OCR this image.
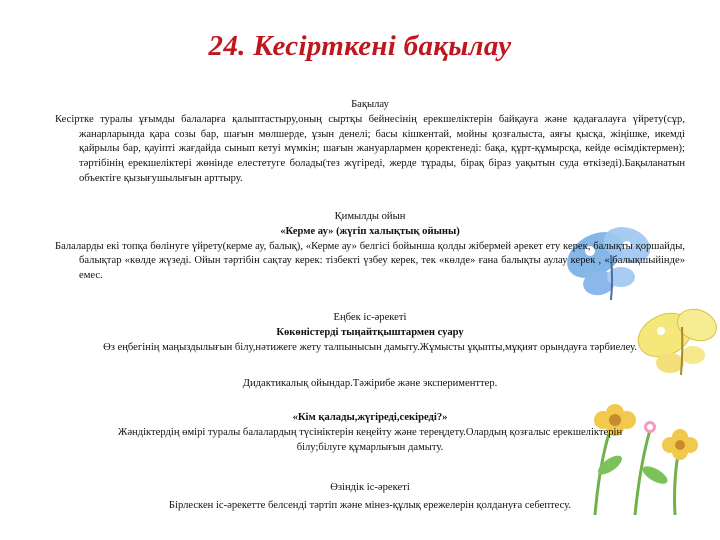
24. Кесірткені бақылау

Бақылау

Кесіртке туралы ұғымды балаларға қалыптастыру,оның сыртқы бейнесінің ерекшеліктерін байқауға және қадағалауға үйрету(сұр, жанарларында қара созы бар, шағын мөлшерде, ұзын денелі; басы кішкентай, мойны қозғалыста, аяғы қысқа, жіңішке, икемді қайрылы бар, қауіпті жағдайда сынып кетуі мүмкін; шағын жануарлармен қоректенеді: бақа, құрт-құмырсқа, кейде өсімдіктермен); тәртібінің ерекшеліктері жөнінде елестетуге болады(тез жүгіреді, жерде тұрады, бірақ біраз уақытын суда өткізеді).Бақыланатын объектіге қызығушылығын арттыру.

Қимылды ойын

«Керме ау» (жүгіп халықтық ойыны)

Балаларды екі топқа бөлінуге үйрету(керме ау, балық), «Керме ау» белгісі бойынша қолды жібермей әрекет ету керек, балықты қоршайды, балықтар «көлде жүзеді. Ойын тәртібін сақтау керек: тізбекті үзбеу керек, тек «көлде» ғана балықты аулау керек , «.балықшыйінде» емес.

Еңбек іс-әрекеті

Көкөністерді тыңайтқыштармен суару

Өз еңбегінің маңыздылығын білу,нәтижеге жету талпынысын дамыту.Жұмысты ұқыпты,мұқият орындауға тәрбиелеу.

Дидактикалық ойындар.Тәжірибе және эксперименттер.

«Кім қалады,жүгіреді,секіреді?»

Жәндіктердің өмірі туралы балалардың түсініктерін кеңейту және тереңдету.Олардың қозғалыс ерекшеліктерін

білу;білуге құмарлығын дамыту.

Өзіндік іс-әрекеті

Бірлескен іс-әрекетте белсенді тәртіп және мінез-құлық ережелерін қолдануға себептесу.
